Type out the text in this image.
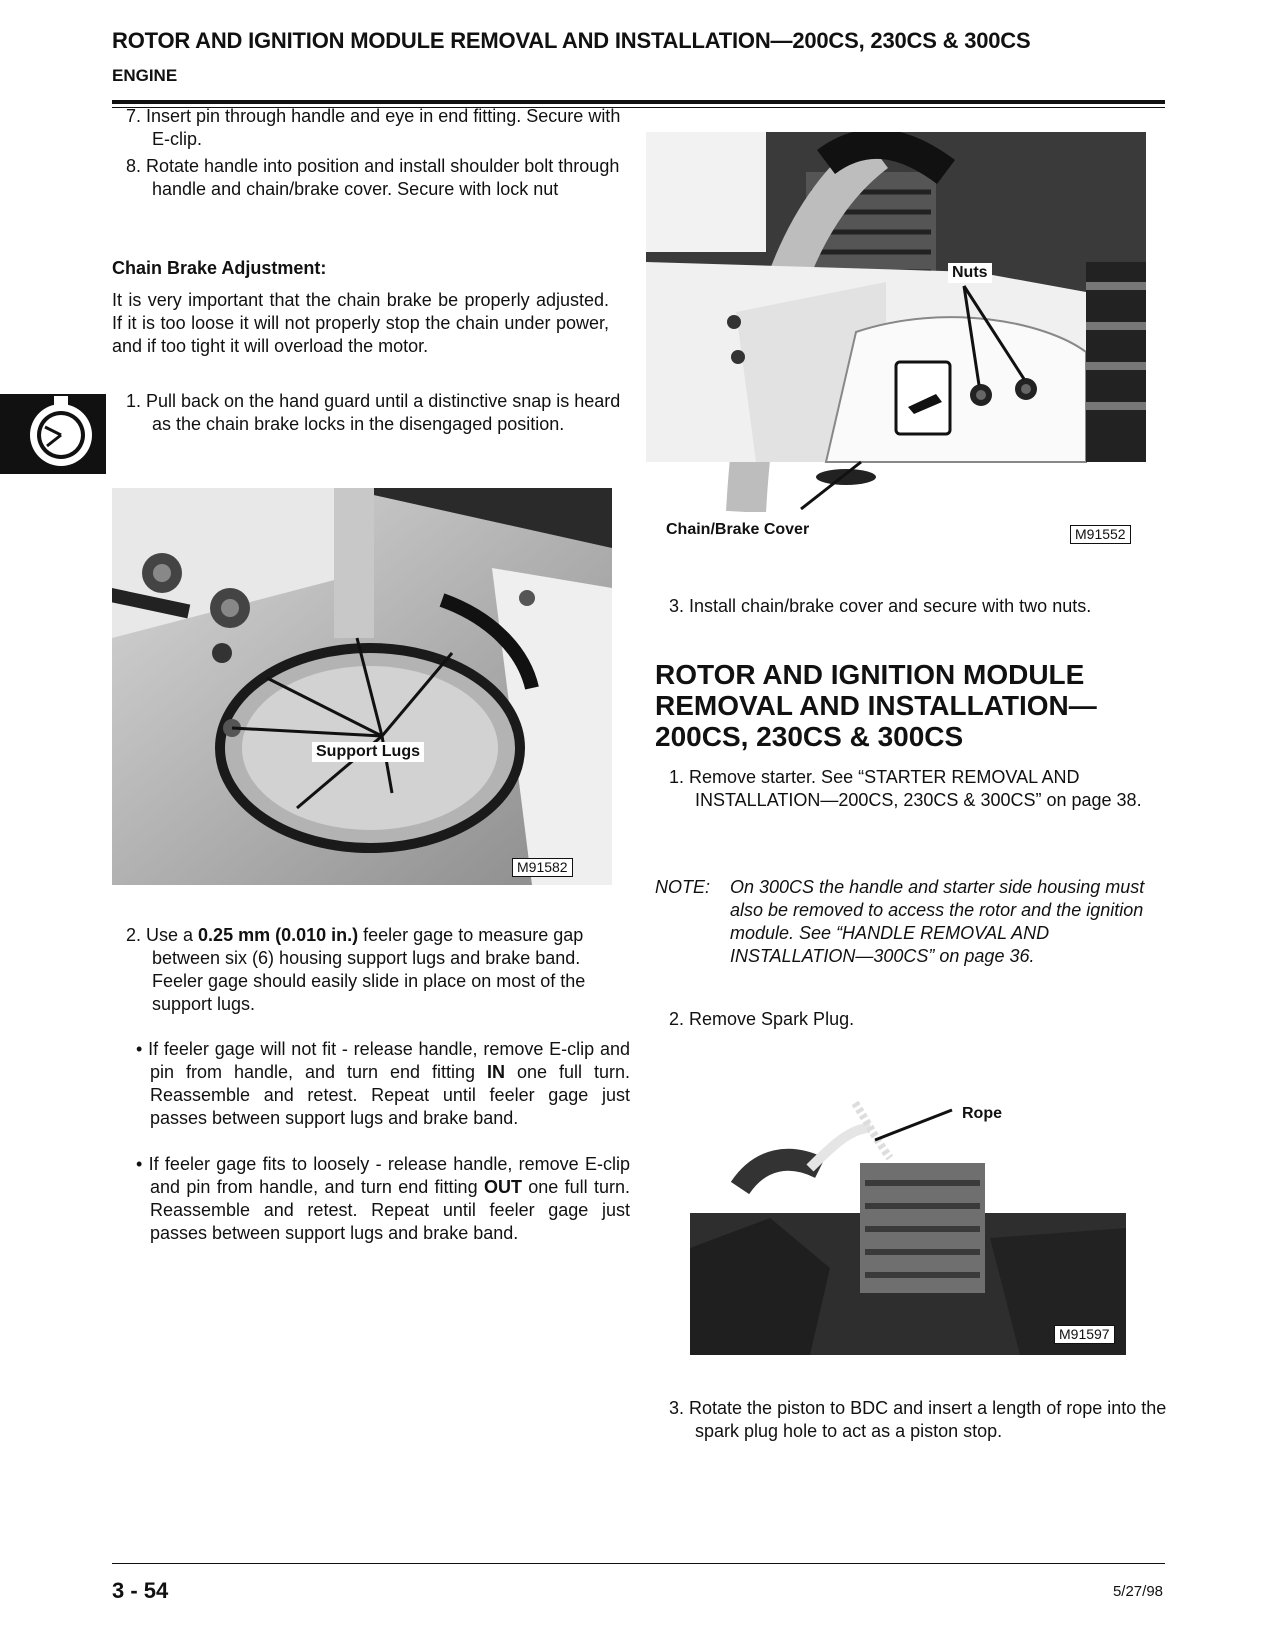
ROTOR AND IGNITION MODULE REMOVAL AND INSTALLATION—200CS, 230CS & 300CS
ENGINE
7. Insert pin through handle and eye in end fitting. Secure with E-clip.
8. Rotate handle into position and install shoulder bolt through handle and chain/brake cover. Secure with lock nut
Chain Brake Adjustment:
It is very important that the chain brake be properly adjusted. If it is too loose it will not properly stop the chain under power, and if too tight it will overload the motor.
1. Pull back on the hand guard until a distinctive snap is heard as the chain brake locks in the disengaged position.
Support Lugs
M91582
2. Use a 0.25 mm (0.010 in.) feeler gage to measure gap between six (6) housing support lugs and brake band. Feeler gage should easily slide in place on most of the support lugs.
• If feeler gage will not fit - release handle, remove E-clip and pin from handle, and turn end fitting IN one full turn. Reassemble and retest. Repeat until feeler gage just passes between support lugs and brake band.
• If feeler gage fits to loosely - release handle, remove E-clip and pin from handle, and turn end fitting OUT one full turn. Reassemble and retest. Repeat until feeler gage just passes between support lugs and brake band.
Nuts
M91552
Chain/Brake Cover
3. Install chain/brake cover and secure with two nuts.
ROTOR AND IGNITION MODULE
REMOVAL AND INSTALLATION—
200CS, 230CS & 300CS
1. Remove starter. See “STARTER REMOVAL AND INSTALLATION—200CS, 230CS & 300CS” on page 38.
NOTE: On 300CS the handle and starter side housing must also be removed to access the rotor and the ignition module. See “HANDLE REMOVAL AND INSTALLATION—300CS” on page 36.
2. Remove Spark Plug.
Rope
M91597
3. Rotate the piston to BDC and insert a length of rope into the spark plug hole to act as a piston stop.
3 - 54	5/27/98
